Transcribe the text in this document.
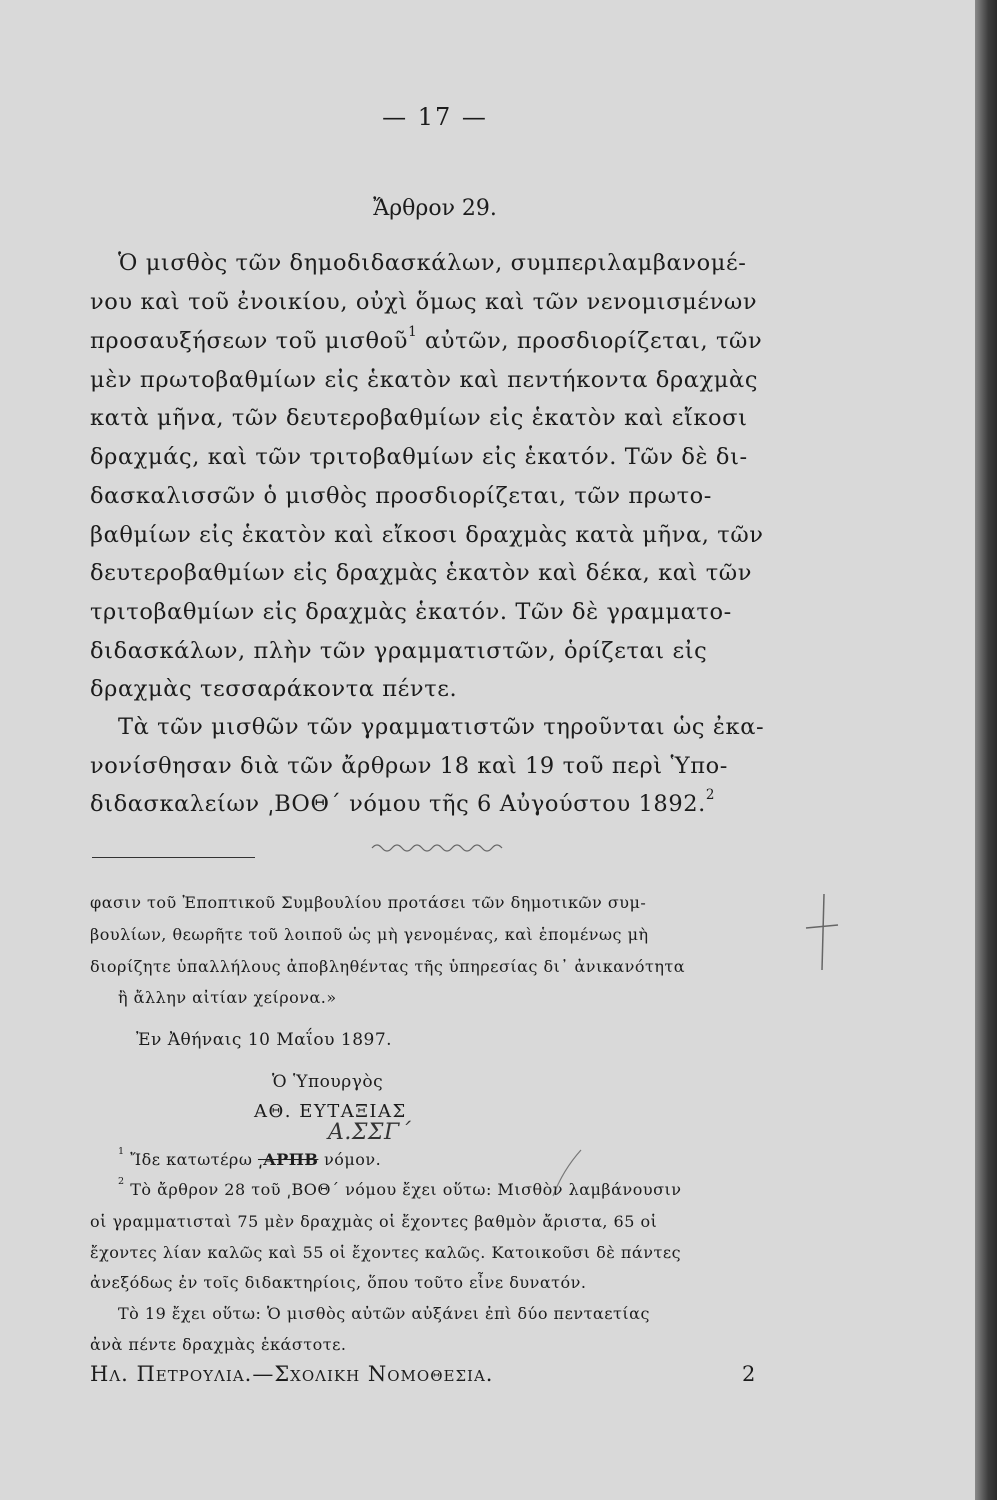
— 17 —

Ἄρθρον 29.

Ὁ μισθὸς τῶν δημοδιδασκάλων, συμπεριλαμβανομέ-

νου καὶ τοῦ ἐνοικίου, οὐχὶ ὅμως καὶ τῶν νενομισμένων

προσαυξήσεων τοῦ μισθοῦ$^1$ αὐτῶν, προσδιορίζεται, τῶν

μὲν πρωτοβαθμίων εἰς ἑκατὸν καὶ πεντήκοντα δραχμὰς

κατὰ μῆνα, τῶν δευτεροβαθμίων εἰς ἑκατὸν καὶ εἴκοσι

δραχμάς, καὶ τῶν τριτοβαθμίων εἰς ἑκατόν. Τῶν δὲ δι-

δασκαλισσῶν ὁ μισθὸς προσδιορίζεται, τῶν πρωτο-

βαθμίων εἰς ἑκατὸν καὶ εἴκοσι δραχμὰς κατὰ μῆνα, τῶν

δευτεροβαθμίων εἰς δραχμὰς ἑκατὸν καὶ δέκα, καὶ τῶν

τριτοβαθμίων εἰς δραχμὰς ἑκατόν. Τῶν δὲ γραμματο-

διδασκάλων, πλὴν τῶν γραμματιστῶν, ὁρίζεται εἰς

δραχμὰς τεσσαράκοντα πέντε.

Τὰ τῶν μισθῶν τῶν γραμματιστῶν τηροῦνται ὡς ἐκα-

νονίσθησαν διὰ τῶν ἄρθρων 18 καὶ 19 τοῦ περὶ Ὑπο-

διδασκαλείων ͵ΒΟΘ΄ νόμου τῆς 6 Αὐγούστου 1892.$^2$

φασιν τοῦ Ἐποπτικοῦ Συμβουλίου προτάσει τῶν δημοτικῶν συμ-

βουλίων, θεωρῆτε τοῦ λοιποῦ ὡς μὴ γενομένας, καὶ ἑπομένως μὴ

διορίζητε ὑπαλλήλους ἀποβληθέντας τῆς ὑπηρεσίας δι᾿ ἀνικανότητα

ἢ ἄλλην αἰτίαν χείρονα.»

Ἐν Ἀθήναις 10 Μαΐου 1897.

Ὁ Ὑπουργὸς

ΑΘ. ΕΥΤΑΞΙΑΣ

Α.ΣΣΓ΄

$^1$ Ἴδε κατωτέρω ͵ΑΡΠΒ νόμον.

$^2$ Τὸ ἄρθρον 28 τοῦ ͵ΒΟΘ΄ νόμου ἔχει οὕτω: Μισθὸν λαμβάνουσιν

οἱ γραμματισταὶ 75 μὲν δραχμὰς οἱ ἔχοντες βαθμὸν ἄριστα, 65 οἱ

ἔχοντες λίαν καλῶς καὶ 55 οἱ ἔχοντες καλῶς. Κατοικοῦσι δὲ πάντες

ἀνεξόδως ἐν τοῖς διδακτηρίοις, ὅπου τοῦτο εἶνε δυνατόν.

Τὸ 19 ἔχει οὕτω: Ὁ μισθὸς αὐτῶν αὐξάνει ἐπὶ δύο πενταετίας

ἀνὰ πέντε δραχμὰς ἑκάστοτε.

Ηλ. Πετρουλια.—Σχολικη Νομοθεσια.	2
